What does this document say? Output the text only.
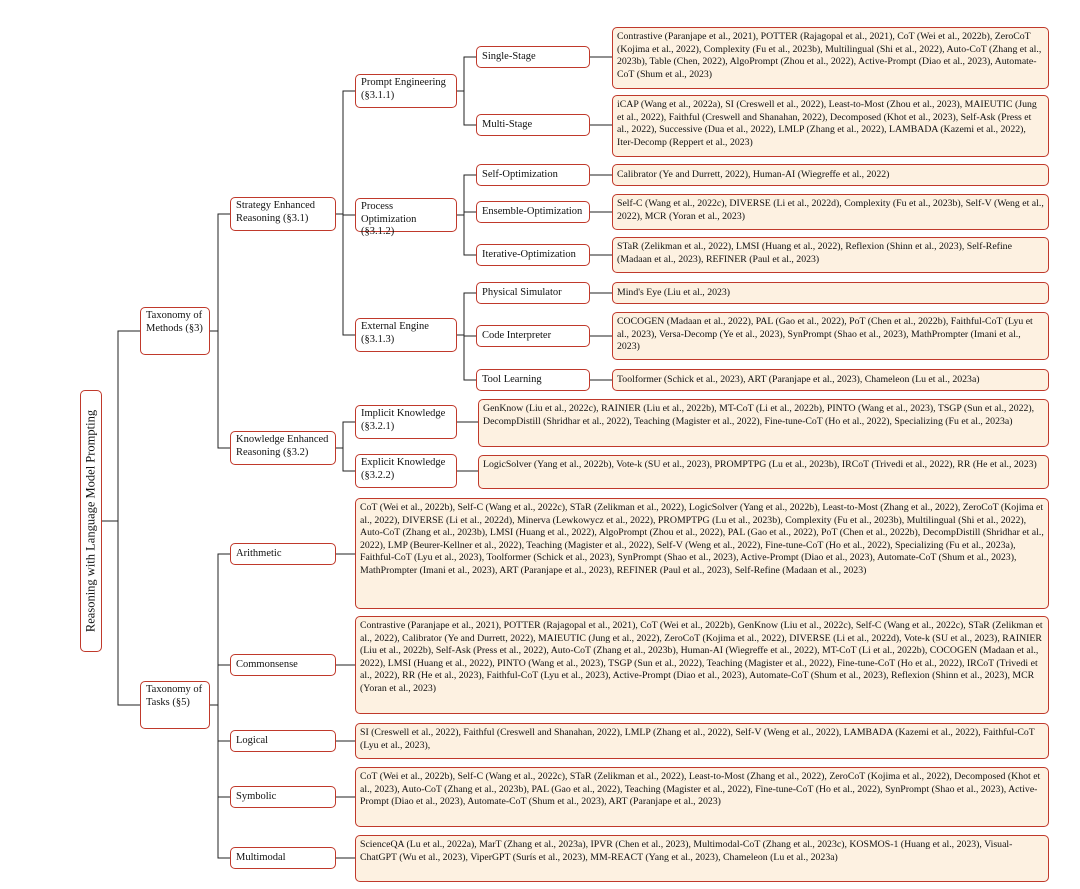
Reasoning with Language Model Prompting
Taxonomy of Methods (§3)
Taxonomy of Tasks (§5)
Strategy Enhanced Reasoning (§3.1)
Knowledge Enhanced Reasoning (§3.2)
Prompt Engineering (§3.1.1)
Process Optimization (§3.1.2)
External Engine (§3.1.3)
Implicit Knowledge (§3.2.1)
Explicit Knowledge (§3.2.2)
Single-Stage
Multi-Stage
Self-Optimization
Ensemble-Optimization
Iterative-Optimization
Physical Simulator
Code Interpreter
Tool Learning
Contrastive (Paranjape et al., 2021), POTTER (Rajagopal et al., 2021), CoT (Wei et al., 2022b), ZeroCoT (Kojima et al., 2022), Complexity (Fu et al., 2023b), Multilingual (Shi et al., 2022), Auto-CoT (Zhang et al., 2023b), Table (Chen, 2022), AlgoPrompt (Zhou et al., 2022), Active-Prompt (Diao et al., 2023), Automate-CoT (Shum et al., 2023)
iCAP (Wang et al., 2022a), SI (Creswell et al., 2022), Least-to-Most (Zhou et al., 2023), MAIEUTIC (Jung et al., 2022), Faithful (Creswell and Shanahan, 2022), Decomposed (Khot et al., 2023), Self-Ask (Press et al., 2022), Successive (Dua et al., 2022), LMLP (Zhang et al., 2022), LAMBADA (Kazemi et al., 2022), Iter-Decomp (Reppert et al., 2023)
Calibrator (Ye and Durrett, 2022), Human-AI (Wiegreffe et al., 2022)
Self-C (Wang et al., 2022c), DIVERSE (Li et al., 2022d), Complexity (Fu et al., 2023b), Self-V (Weng et al., 2022), MCR (Yoran et al., 2023)
STaR (Zelikman et al., 2022), LMSI (Huang et al., 2022), Reflexion (Shinn et al., 2023), Self-Refine (Madaan et al., 2023), REFINER (Paul et al., 2023)
Mind's Eye (Liu et al., 2023)
COCOGEN (Madaan et al., 2022), PAL (Gao et al., 2022), PoT (Chen et al., 2022b), Faithful-CoT (Lyu et al., 2023), Versa-Decomp (Ye et al., 2023), SynPrompt (Shao et al., 2023), MathPrompter (Imani et al., 2023)
Toolformer (Schick et al., 2023), ART (Paranjape et al., 2023), Chameleon (Lu et al., 2023a)
GenKnow (Liu et al., 2022c), RAINIER (Liu et al., 2022b), MT-CoT (Li et al., 2022b), PINTO (Wang et al., 2023), TSGP (Sun et al., 2022), DecompDistill (Shridhar et al., 2022), Teaching (Magister et al., 2022), Fine-tune-CoT (Ho et al., 2022), Specializing (Fu et al., 2023a)
LogicSolver (Yang et al., 2022b), Vote-k (SU et al., 2023), PROMPTPG (Lu et al., 2023b), IRCoT (Trivedi et al., 2022), RR (He et al., 2023)
Arithmetic
Commonsense
Logical
Symbolic
Multimodal
CoT (Wei et al., 2022b), Self-C (Wang et al., 2022c), STaR (Zelikman et al., 2022), LogicSolver (Yang et al., 2022b), Least-to-Most (Zhang et al., 2022), ZeroCoT (Kojima et al., 2022), DIVERSE (Li et al., 2022d), Minerva (Lewkowycz et al., 2022), PROMPTPG (Lu et al., 2023b), Complexity (Fu et al., 2023b), Multilingual (Shi et al., 2022), Auto-CoT (Zhang et al., 2023b), LMSI (Huang et al., 2022), AlgoPrompt (Zhou et al., 2022), PAL (Gao et al., 2022), PoT (Chen et al., 2022b), DecompDistill (Shridhar et al., 2022), LMP (Beurer-Kellner et al., 2022), Teaching (Magister et al., 2022), Self-V (Weng et al., 2022), Fine-tune-CoT (Ho et al., 2022), Specializing (Fu et al., 2023a), Faithful-CoT (Lyu et al., 2023), Toolformer (Schick et al., 2023), SynPrompt (Shao et al., 2023), Active-Prompt (Diao et al., 2023), Automate-CoT (Shum et al., 2023), MathPrompter (Imani et al., 2023), ART (Paranjape et al., 2023), REFINER (Paul et al., 2023), Self-Refine (Madaan et al., 2023)
Contrastive (Paranjape et al., 2021), POTTER (Rajagopal et al., 2021), CoT (Wei et al., 2022b), GenKnow (Liu et al., 2022c), Self-C (Wang et al., 2022c), STaR (Zelikman et al., 2022), Calibrator (Ye and Durrett, 2022), MAIEUTIC (Jung et al., 2022), ZeroCoT (Kojima et al., 2022), DIVERSE (Li et al., 2022d), Vote-k (SU et al., 2023), RAINIER (Liu et al., 2022b), Self-Ask (Press et al., 2022), Auto-CoT (Zhang et al., 2023b), Human-AI (Wiegreffe et al., 2022), MT-CoT (Li et al., 2022b), COCOGEN (Madaan et al., 2022), LMSI (Huang et al., 2022), PINTO (Wang et al., 2023), TSGP (Sun et al., 2022), Teaching (Magister et al., 2022), Fine-tune-CoT (Ho et al., 2022), IRCoT (Trivedi et al., 2022), RR (He et al., 2023), Faithful-CoT (Lyu et al., 2023), Active-Prompt (Diao et al., 2023), Automate-CoT (Shum et al., 2023), Reflexion (Shinn et al., 2023), MCR (Yoran et al., 2023)
SI (Creswell et al., 2022), Faithful (Creswell and Shanahan, 2022), LMLP (Zhang et al., 2022), Self-V (Weng et al., 2022), LAMBADA (Kazemi et al., 2022), Faithful-CoT (Lyu et al., 2023),
CoT (Wei et al., 2022b), Self-C (Wang et al., 2022c), STaR (Zelikman et al., 2022), Least-to-Most (Zhang et al., 2022), ZeroCoT (Kojima et al., 2022), Decomposed (Khot et al., 2023), Auto-CoT (Zhang et al., 2023b), PAL (Gao et al., 2022), Teaching (Magister et al., 2022), Fine-tune-CoT (Ho et al., 2022), SynPrompt (Shao et al., 2023), Active-Prompt (Diao et al., 2023), Automate-CoT (Shum et al., 2023), ART (Paranjape et al., 2023)
ScienceQA (Lu et al., 2022a), MarT (Zhang et al., 2023a), IPVR (Chen et al., 2023), Multimodal-CoT (Zhang et al., 2023c), KOSMOS-1 (Huang et al., 2023), Visual-ChatGPT (Wu et al., 2023), ViperGPT (Surís et al., 2023), MM-REACT (Yang et al., 2023), Chameleon (Lu et al., 2023a)
